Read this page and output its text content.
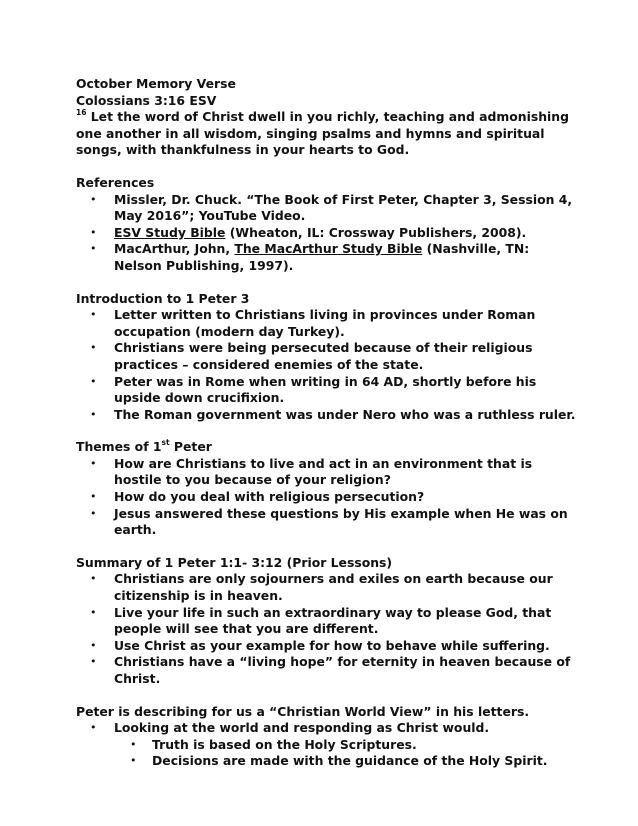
October Memory Verse

Colossians 3:16 ESV

$^{16}$ Let the word of Christ dwell in you richly, teaching and admonishing one another in all wisdom, singing psalms and hymns and spiritual songs, with thankfulness in your hearts to God.

References

• Missler, Dr. Chuck. “The Book of First Peter, Chapter 3, Session 4, May 2016”; YouTube Video.
• ESV Study Bible (Wheaton, IL: Crossway Publishers, 2008).
• MacArthur, John, The MacArthur Study Bible (Nashville, TN: Nelson Publishing, 1997).

Introduction to 1 Peter 3

• Letter written to Christians living in provinces under Roman occupation (modern day Turkey).
• Christians were being persecuted because of their religious practices – considered enemies of the state.
• Peter was in Rome when writing in 64 AD, shortly before his upside down crucifixion.
• The Roman government was under Nero who was a ruthless ruler.

Themes of 1st Peter

• How are Christians to live and act in an environment that is hostile to you because of your religion?
• How do you deal with religious persecution?
• Jesus answered these questions by His example when He was on earth.

Summary of 1 Peter 1:1- 3:12 (Prior Lessons)

• Christians are only sojourners and exiles on earth because our citizenship is in heaven.
• Live your life in such an extraordinary way to please God, that people will see that you are different.
• Use Christ as your example for how to behave while suffering.
• Christians have a “living hope” for eternity in heaven because of Christ.

Peter is describing for us a “Christian World View” in his letters.

• Looking at the world and responding as Christ would.
• Truth is based on the Holy Scriptures.
• Decisions are made with the guidance of the Holy Spirit.
